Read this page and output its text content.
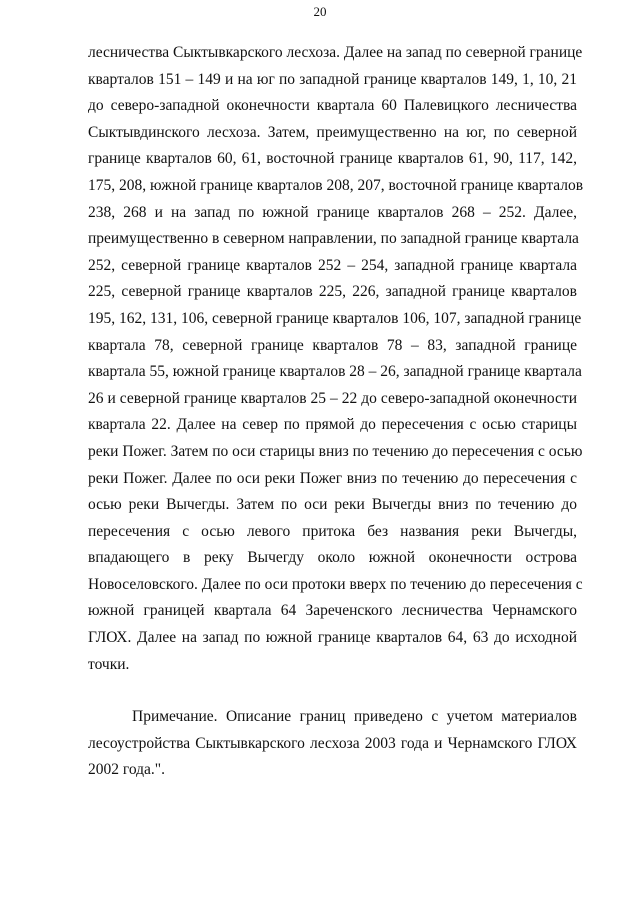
20

лесничества Сыктывкарского лесхоза. Далее на запад по северной границе
кварталов 151 – 149 и на юг по западной границе кварталов 149, 1, 10, 21
до северо-западной оконечности квартала 60 Палевицкого лесничества
Сыктывдинского лесхоза. Затем, преимущественно на юг, по северной
границе кварталов 60, 61, восточной границе кварталов 61, 90, 117, 142,
175, 208, южной границе кварталов 208, 207, восточной границе кварталов
238, 268 и на запад по южной границе кварталов 268 – 252. Далее,
преимущественно в северном направлении, по западной границе квартала
252, северной границе кварталов 252 – 254, западной границе квартала
225, северной границе кварталов 225, 226, западной границе кварталов
195, 162, 131, 106, северной границе кварталов 106, 107, западной границе
квартала 78, северной границе кварталов 78 – 83, западной границе
квартала 55, южной границе кварталов 28 – 26, западной границе квартала
26 и северной границе кварталов 25 – 22 до северо-западной оконечности
квартала 22. Далее на север по прямой до пересечения с осью старицы
реки Пожег. Затем по оси старицы вниз по течению до пересечения с осью
реки Пожег. Далее по оси реки Пожег вниз по течению до пересечения с
осью реки Вычегды. Затем по оси реки Вычегды вниз по течению до
пересечения с осью левого притока без названия реки Вычегды,
впадающего в реку Вычегду около южной оконечности острова
Новоселовского. Далее по оси протоки вверх по течению до пересечения с
южной границей квартала 64 Зареченского лесничества Чернамского
ГЛОХ. Далее на запад по южной границе кварталов 64, 63 до исходной
точки.

Примечание. Описание границ приведено с учетом материалов
лесоустройства Сыктывкарского лесхоза 2003 года и Чернамского ГЛОХ
2002 года.".
